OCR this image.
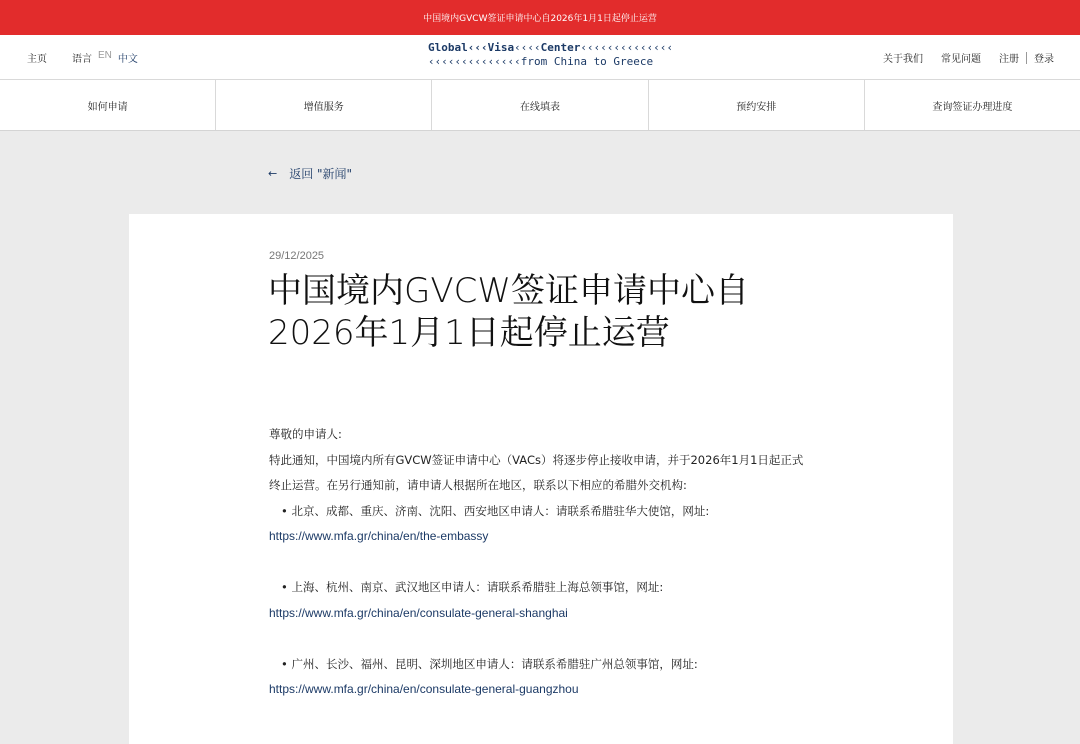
中国境内GVCW签证申请中心自2026年1月1日起停止运营
主页	语言 EN 中文
Global‹‹‹Visa‹‹‹‹Center‹‹‹‹‹‹‹‹‹‹‹‹‹‹
‹‹‹‹‹‹‹‹‹‹‹‹‹‹from China to Greece	关于我们 常见问题 注册 登录
如何申请	增值服务	在线填表	预约安排	查询签证办理进度
← 返回 "新闻"
29/12/2025
中国境内GVCW签证申请中心自2026年1月1日起停止运营

尊敬的申请人:

特此通知，中国境内所有GVCW签证申请中心（VACs）将逐步停止接收申请，并于2026年1月1日起正式

终止运营。在另行通知前，请申请人根据所在地区，联系以下相应的希腊外交机构:

• 北京、成都、重庆、济南、沈阳、西安地区申请人：请联系希腊驻华大使馆，网址:

https://www.mfa.gr/china/en/the-embassy

• 上海、杭州、南京、武汉地区申请人：请联系希腊驻上海总领事馆，网址:

https://www.mfa.gr/china/en/consulate-general-shanghai

• 广州、长沙、福州、昆明、深圳地区申请人：请联系希腊驻广州总领事馆，网址:

https://www.mfa.gr/china/en/consulate-general-guangzhou
